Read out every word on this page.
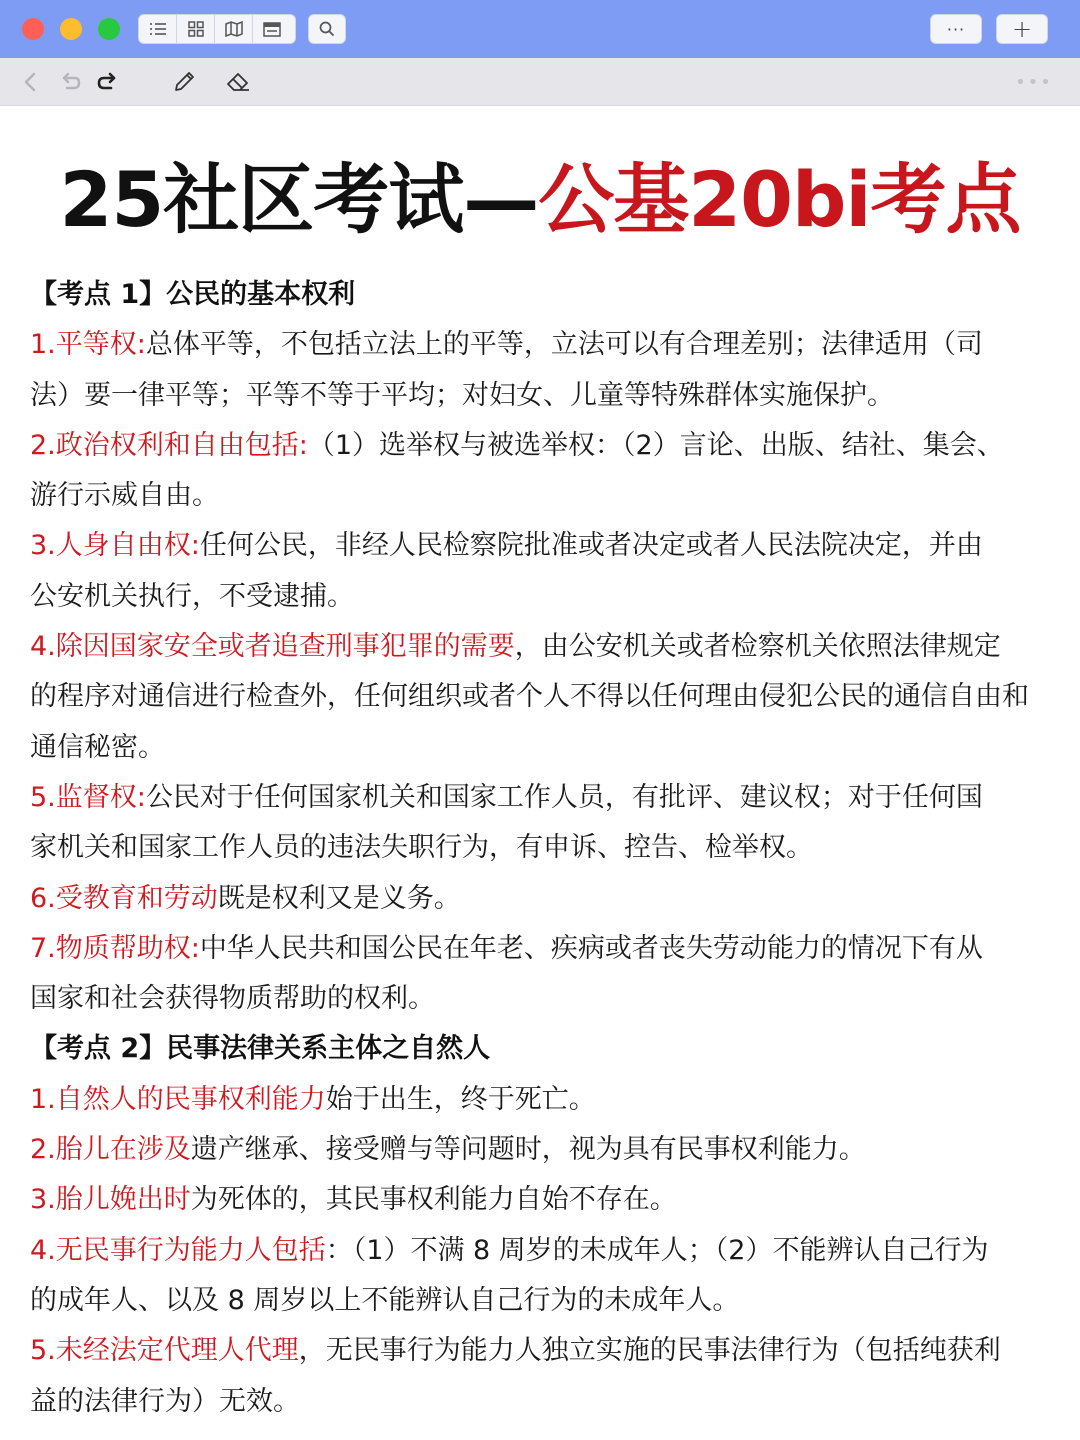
···	+
•••
25社区考试—公基20bi考点
【考点 1】公民的基本权利
1.平等权:总体平等，不包括立法上的平等，立法可以有合理差别；法律适用（司
法）要一律平等；平等不等于平均；对妇女、儿童等特殊群体实施保护。
2.政治权利和自由包括:（1）选举权与被选举权：（2）言论、出版、结社、集会、
游行示威自由。
3.人身自由权:任何公民，非经人民检察院批准或者决定或者人民法院决定，并由
公安机关执行，不受逮捕。
4.除因国家安全或者追查刑事犯罪的需要，由公安机关或者检察机关依照法律规定
的程序对通信进行检查外，任何组织或者个人不得以任何理由侵犯公民的通信自由和
通信秘密。
5.监督权:公民对于任何国家机关和国家工作人员，有批评、建议权；对于任何国
家机关和国家工作人员的违法失职行为，有申诉、控告、检举权。
6.受教育和劳动既是权利又是义务。
7.物质帮助权:中华人民共和国公民在年老、疾病或者丧失劳动能力的情况下有从
国家和社会获得物质帮助的权利。
【考点 2】民事法律关系主体之自然人
1.自然人的民事权利能力始于出生，终于死亡。
2.胎儿在涉及遗产继承、接受赠与等问题时，视为具有民事权利能力。
3.胎儿娩出时为死体的，其民事权利能力自始不存在。
4.无民事行为能力人包括：（1）不满 8 周岁的未成年人；（2）不能辨认自己行为
的成年人、以及 8 周岁以上不能辨认自己行为的未成年人。
5.未经法定代理人代理，无民事行为能力人独立实施的民事法律行为（包括纯获利
益的法律行为）无效。
